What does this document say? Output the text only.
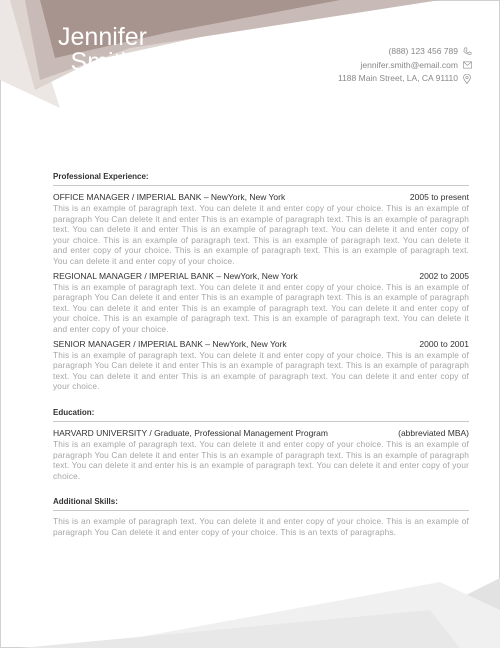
Jennifer
Smith	(888) 123 456 789
jennifer.smith@email.com
1188 Main Street, LA, CA 91110
Professional Experience:
OFFICE MANAGER / IMPERIAL BANK – NewYork, New York	2005 to present
This is an example of paragraph text. You can delete it and enter copy of your choice. This is an example of paragraph You Can delete it and enter This is an example of paragraph text. This is an example of paragraph text. You can delete it and enter This is an example of paragraph text. You can delete it and enter copy of your choice. This is an example of paragraph text. This is an example of paragraph text. You can delete it and enter copy of your choice. This is an example of paragraph text. This is an example of paragraph text. You can delete it and enter copy of your choice.
REGIONAL MANAGER / IMPERIAL BANK – NewYork, New York	2002 to 2005
This is an example of paragraph text. You can delete it and enter copy of your choice. This is an example of paragraph You Can delete it and enter This is an example of paragraph text. This is an example of paragraph text. You can delete it and enter This is an example of paragraph text. You can delete it and enter copy of your choice. This is an example of paragraph text. This is an example of paragraph text. You can delete it and enter copy of your choice.
SENIOR MANAGER / IMPERIAL BANK – NewYork, New York	2000 to 2001
This is an example of paragraph text. You can delete it and enter copy of your choice. This is an example of paragraph You Can delete it and enter This is an example of paragraph text. This is an example of paragraph text. You can delete it and enter This is an example of paragraph text. You can delete it and enter copy of your choice.
Education:
HARVARD UNIVERSITY / Graduate, Professional Management Program	(abbreviated MBA)
This is an example of paragraph text. You can delete it and enter copy of your choice. This is an example of paragraph You Can delete it and enter This is an example of paragraph text. This is an example of paragraph text. You can delete it and enter his is an example of paragraph text. You can delete it and enter copy of your choice.
Additional Skills:
This is an example of paragraph text. You can delete it and enter copy of your choice. This is an example of paragraph You Can delete it and enter copy of your choice. This is an texts of paragraphs.
